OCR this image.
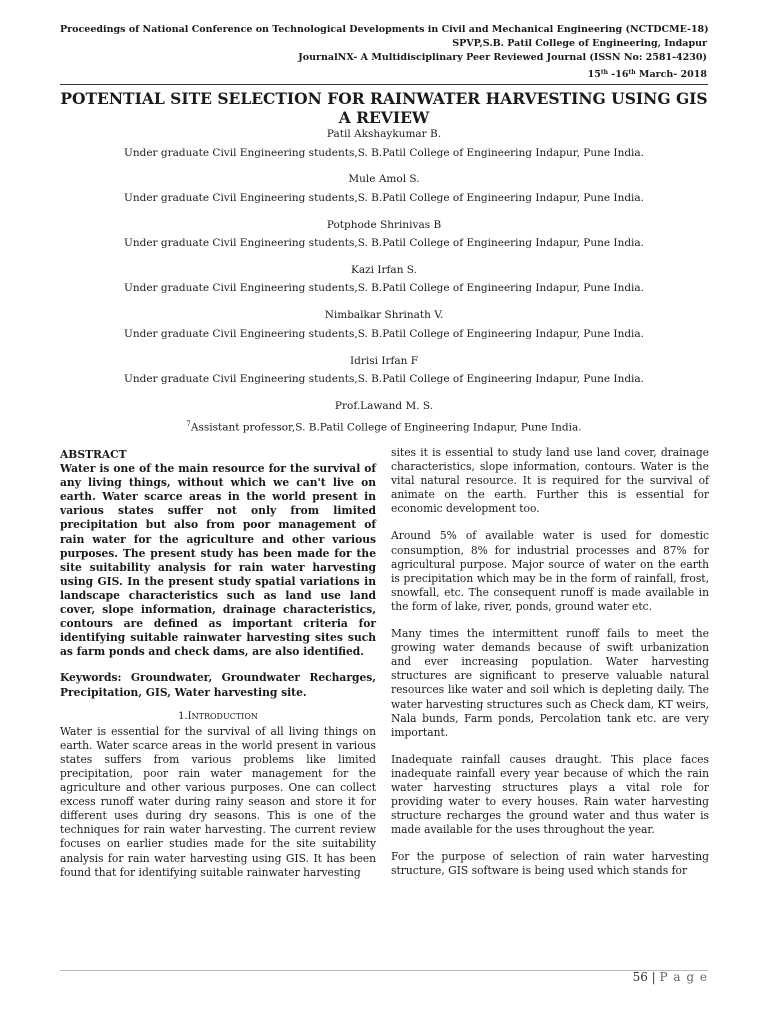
Proceedings of National Conference on Technological Developments in Civil and Mechanical Engineering (NCTDCME-18)
SPVP,S.B. Patil College of Engineering, Indapur
JournalNX- A Multidisciplinary Peer Reviewed Journal (ISSN No: 2581-4230)
15th -16th March- 2018
POTENTIAL SITE SELECTION FOR RAINWATER HARVESTING USING GIS A REVIEW
Patil Akshaykumar B.
Under graduate Civil Engineering students,S. B.Patil College of Engineering Indapur, Pune India.
Mule Amol S.
Under graduate Civil Engineering students,S. B.Patil College of Engineering Indapur, Pune India.
Potphode Shrinivas B
Under graduate Civil Engineering students,S. B.Patil College of Engineering Indapur, Pune India.
Kazi Irfan S.
Under graduate Civil Engineering students,S. B.Patil College of Engineering Indapur, Pune India.
Nimbalkar Shrinath V.
Under graduate Civil Engineering students,S. B.Patil College of Engineering Indapur, Pune India.
Idrisi Irfan F
Under graduate Civil Engineering students,S. B.Patil College of Engineering Indapur, Pune India.
Prof.Lawand M. S.
$^7$Assistant professor,S. B.Patil College of Engineering Indapur, Pune India.

ABSTRACT

Water is one of the main resource for the survival of any living things, without which we can't live on earth. Water scarce areas in the world present in various states suffer not only from limited precipitation but also from poor management of rain water for the agriculture and other various purposes. The present study has been made for the site suitability analysis for rain water harvesting using GIS. In the present study spatial variations in landscape characteristics such as land use land cover, slope information, drainage characteristics, contours are defined as important criteria for identifying suitable rainwater harvesting sites such as farm ponds and check dams, are also identified.

Keywords: Groundwater, Groundwater Recharges, Precipitation, GIS, Water harvesting site.

1.INTRODUCTION

Water is essential for the survival of all living things on earth. Water scarce areas in the world present in various states suffers from various problems like limited precipitation, poor rain water management for the agriculture and other various purposes. One can collect excess runoff water during rainy season and store it for different uses during dry seasons. This is one of the techniques for rain water harvesting. The current review focuses on earlier studies made for the site suitability analysis for rain water harvesting using GIS. It has been found that for identifying suitable rainwater harvesting

sites it is essential to study land use land cover, drainage characteristics, slope information, contours. Water is the vital natural resource. It is required for the survival of animate on the earth. Further this is essential for economic development too.

Around 5% of available water is used for domestic consumption, 8% for industrial processes and 87% for agricultural purpose. Major source of water on the earth is precipitation which may be in the form of rainfall, frost, snowfall, etc. The consequent runoff is made available in the form of lake, river, ponds, ground water etc.

Many times the intermittent runoff fails to meet the growing water demands because of swift urbanization and ever increasing population. Water harvesting structures are significant to preserve valuable natural resources like water and soil which is depleting daily. The water harvesting structures such as Check dam, KT weirs, Nala bunds, Farm ponds, Percolation tank etc. are very important.

Inadequate rainfall causes draught. This place faces inadequate rainfall every year because of which the rain water harvesting structures plays a vital role for providing water to every houses. Rain water harvesting structure recharges the ground water and thus water is made available for the uses throughout the year.

For the purpose of selection of rain water harvesting structure, GIS software is being used which stands for

56 | P a g e
